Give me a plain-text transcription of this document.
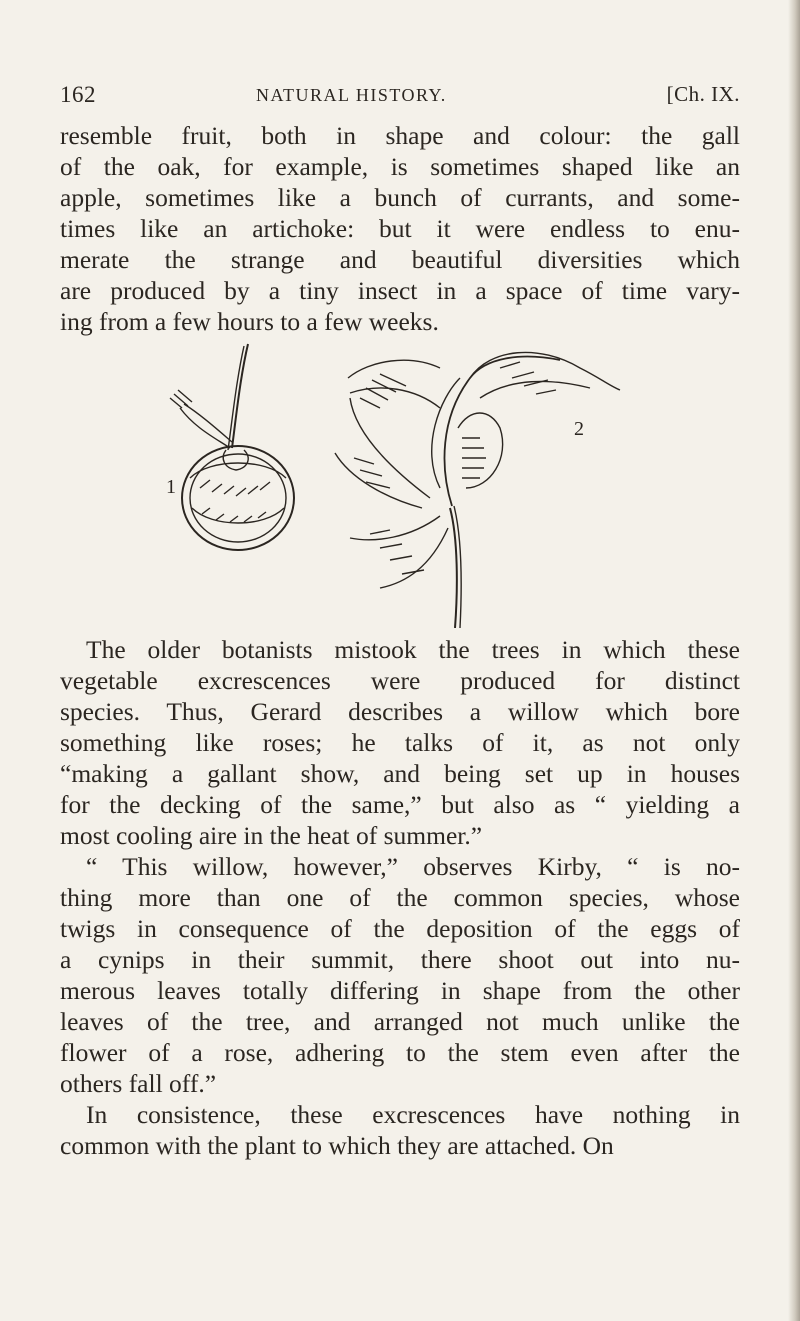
162	NATURAL HISTORY.	[Ch. IX.
resemble fruit, both in shape and colour: the gall
of the oak, for example, is sometimes shaped like an
apple, sometimes like a bunch of currants, and some-
times like an artichoke: but it were endless to enu-
merate the strange and beautiful diversities which
are produced by a tiny insect in a space of time vary-
ing from a few hours to a few weeks.
1
2
The older botanists mistook the trees in which these
vegetable excrescences were produced for distinct
species. Thus, Gerard describes a willow which bore
something like roses; he talks of it, as not only
“making a gallant show, and being set up in houses
for the decking of the same,” but also as “ yielding a
most cooling aire in the heat of summer.”
“ This willow, however,” observes Kirby, “ is no-
thing more than one of the common species, whose
twigs in consequence of the deposition of the eggs of
a cynips in their summit, there shoot out into nu-
merous leaves totally differing in shape from the other
leaves of the tree, and arranged not much unlike the
flower of a rose, adhering to the stem even after the
others fall off.”
In consistence, these excrescences have nothing in
common with the plant to which they are attached. On
